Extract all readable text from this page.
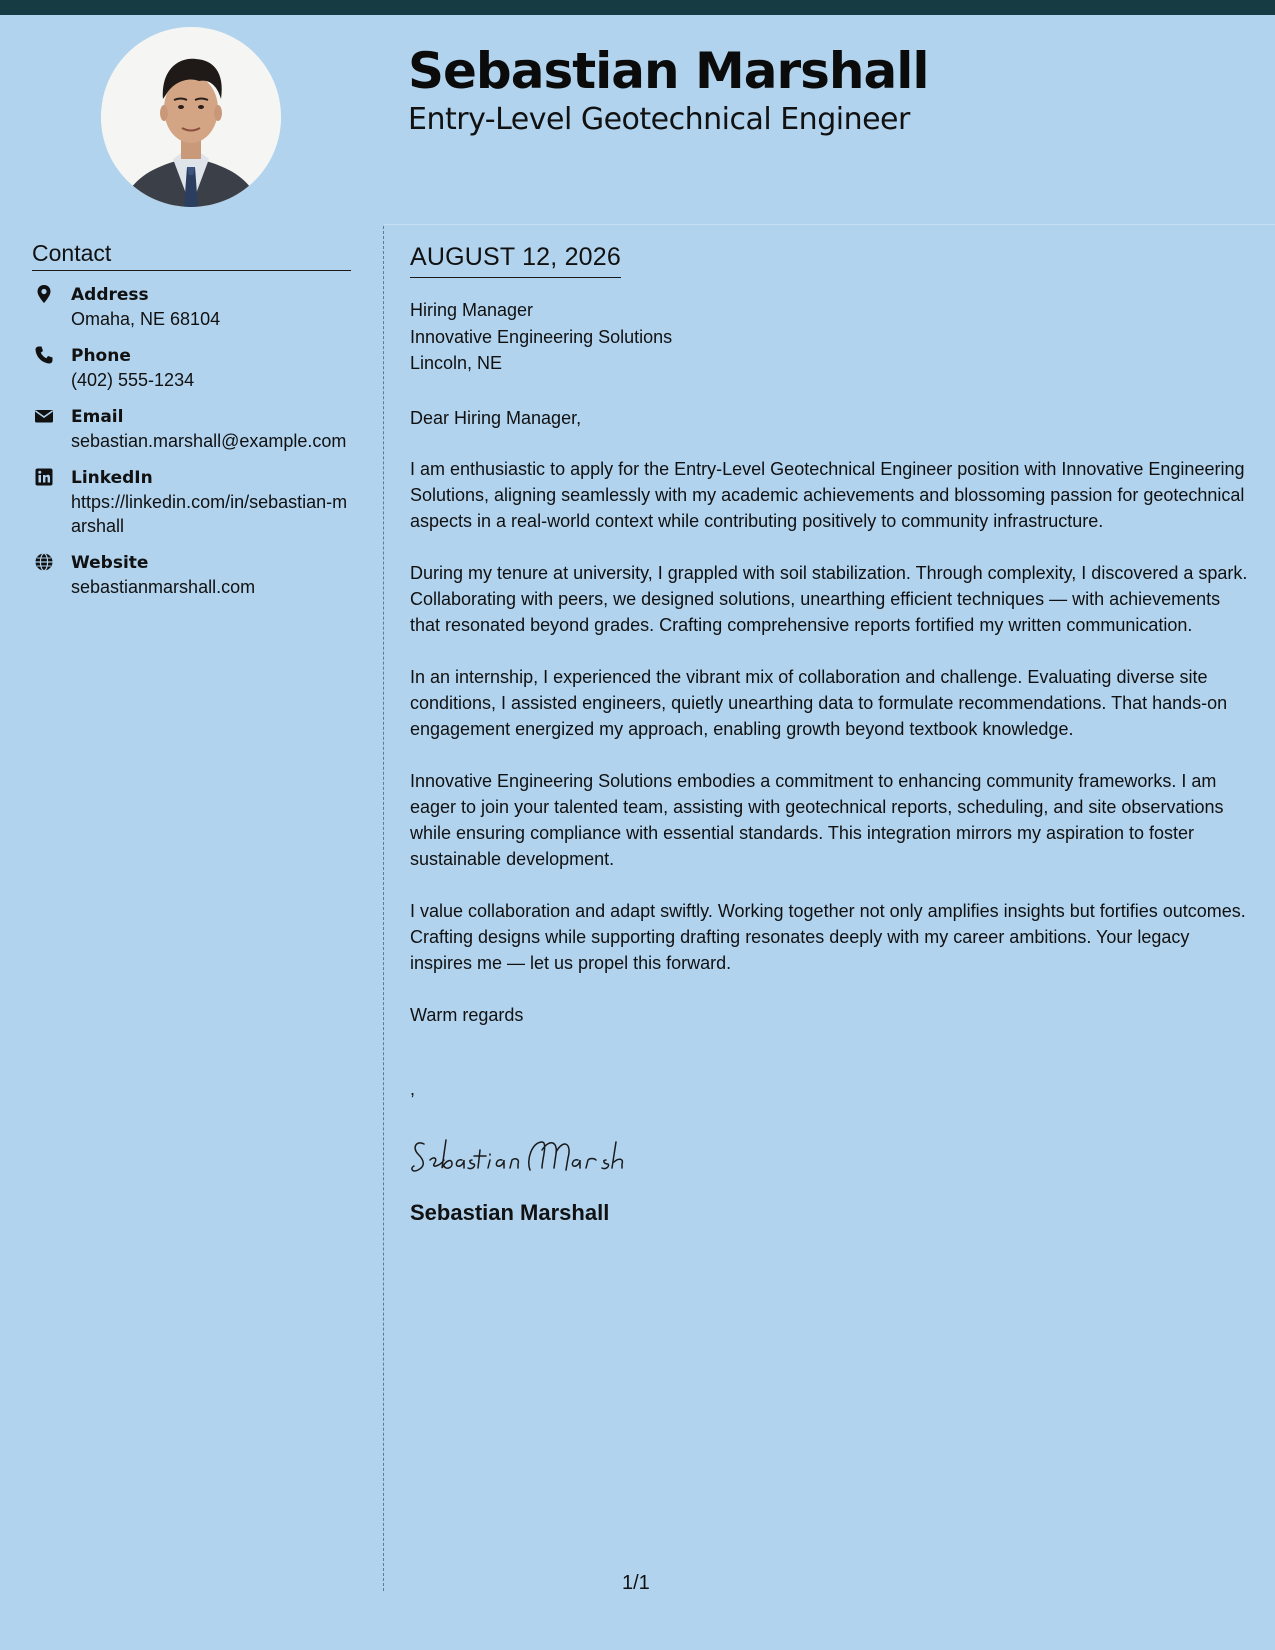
Sebastian Marshall
Entry-Level Geotechnical Engineer
Contact
Address
Omaha, NE 68104
Phone
(402) 555-1234
Email
sebastian.marshall@example.com
LinkedIn
https://linkedin.com/in/sebastian-marshall
Website
sebastianmarshall.com
AUGUST 12, 2026
Hiring Manager
Innovative Engineering Solutions
Lincoln, NE
Dear Hiring Manager,

I am enthusiastic to apply for the Entry-Level Geotechnical Engineer position with Innovative Engineering Solutions, aligning seamlessly with my academic achievements and blossoming passion for geotechnical aspects in a real-world context while contributing positively to community infrastructure.

During my tenure at university, I grappled with soil stabilization. Through complexity, I discovered a spark. Collaborating with peers, we designed solutions, unearthing efficient techniques — with achievements that resonated beyond grades. Crafting comprehensive reports fortified my written communication.

In an internship, I experienced the vibrant mix of collaboration and challenge. Evaluating diverse site conditions, I assisted engineers, quietly unearthing data to formulate recommendations. That hands-on engagement energized my approach, enabling growth beyond textbook knowledge.

Innovative Engineering Solutions embodies a commitment to enhancing community frameworks. I am eager to join your talented team, assisting with geotechnical reports, scheduling, and site observations while ensuring compliance with essential standards. This integration mirrors my aspiration to foster sustainable development.

I value collaboration and adapt swiftly. Working together not only amplifies insights but fortifies outcomes. Crafting designs while supporting drafting resonates deeply with my career ambitions. Your legacy inspires me — let us propel this forward.

Warm regards
,
Sebastian Marshall
1/1
